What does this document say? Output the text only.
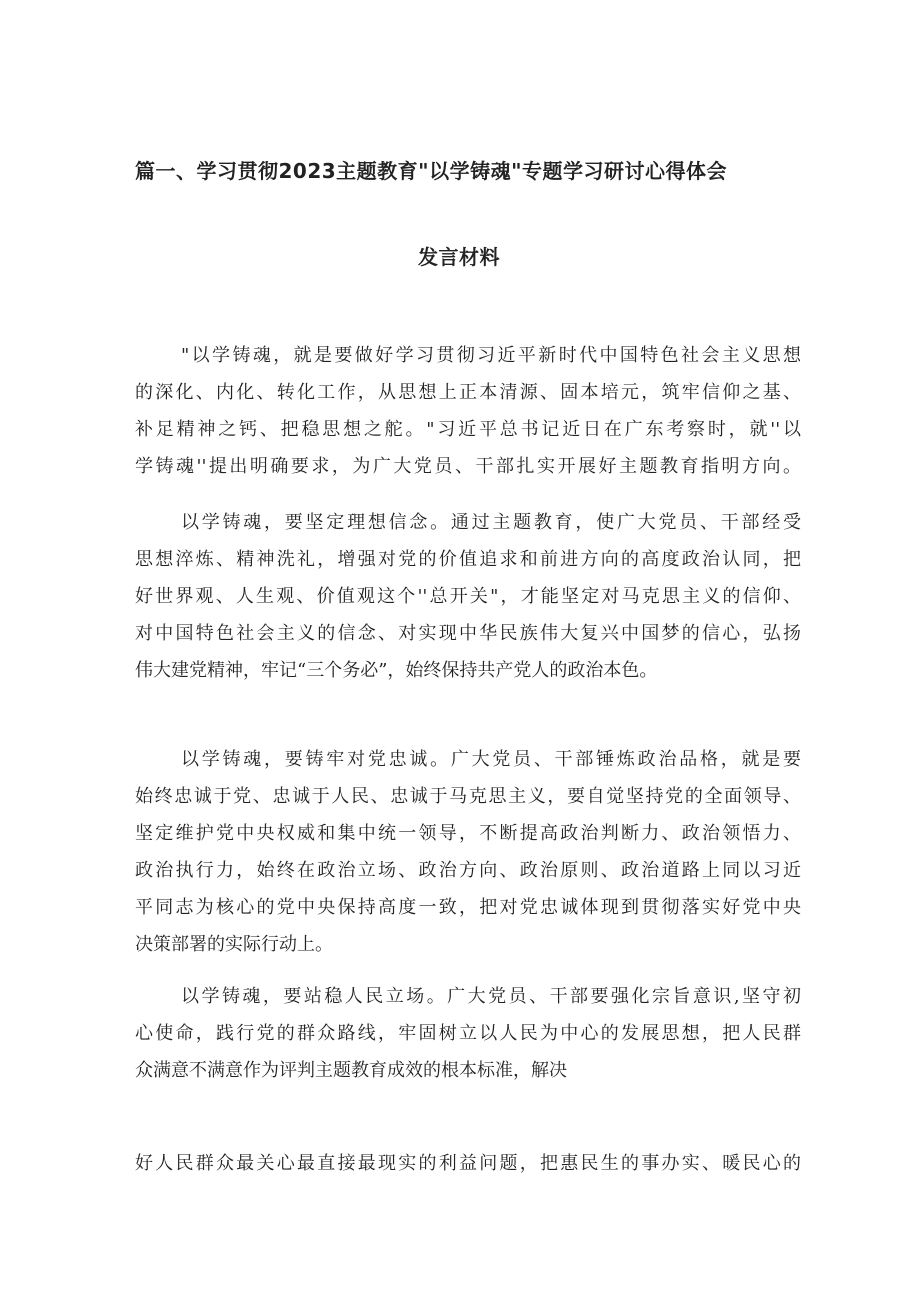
篇一、学习贯彻2023主题教育"以学铸魂"专题学习研讨心得体会
发言材料
"以学铸魂，就是要做好学习贯彻习近平新时代中国特色社会主义思想
的深化、内化、转化工作，从思想上正本清源、固本培元，筑牢信仰之基、
补足精神之钙、把稳思想之舵。"习近平总书记近日在广东考察时，就''以
学铸魂''提出明确要求，为广大党员、干部扎实开展好主题教育指明方向。
以学铸魂，要坚定理想信念。通过主题教育，使广大党员、干部经受
思想淬炼、精神洗礼，增强对党的价值追求和前进方向的高度政治认同，把
好世界观、人生观、价值观这个''总开关"，才能坚定对马克思主义的信仰、
对中国特色社会主义的信念、对实现中华民族伟大复兴中国梦的信心，弘扬
伟大建党精神，牢记“三个务必”，始终保持共产党人的政治本色。
以学铸魂，要铸牢对党忠诚。广大党员、干部锤炼政治品格，就是要
始终忠诚于党、忠诚于人民、忠诚于马克思主义，要自觉坚持党的全面领导、
坚定维护党中央权威和集中统一领导，不断提高政治判断力、政治领悟力、
政治执行力，始终在政治立场、政治方向、政治原则、政治道路上同以习近
平同志为核心的党中央保持高度一致，把对党忠诚体现到贯彻落实好党中央
决策部署的实际行动上。
以学铸魂，要站稳人民立场。广大党员、干部要强化宗旨意识,坚守初
心使命，践行党的群众路线，牢固树立以人民为中心的发展思想，把人民群
众满意不满意作为评判主题教育成效的根本标准，解决
好人民群众最关心最直接最现实的利益问题，把惠民生的事办实、暖民心的
